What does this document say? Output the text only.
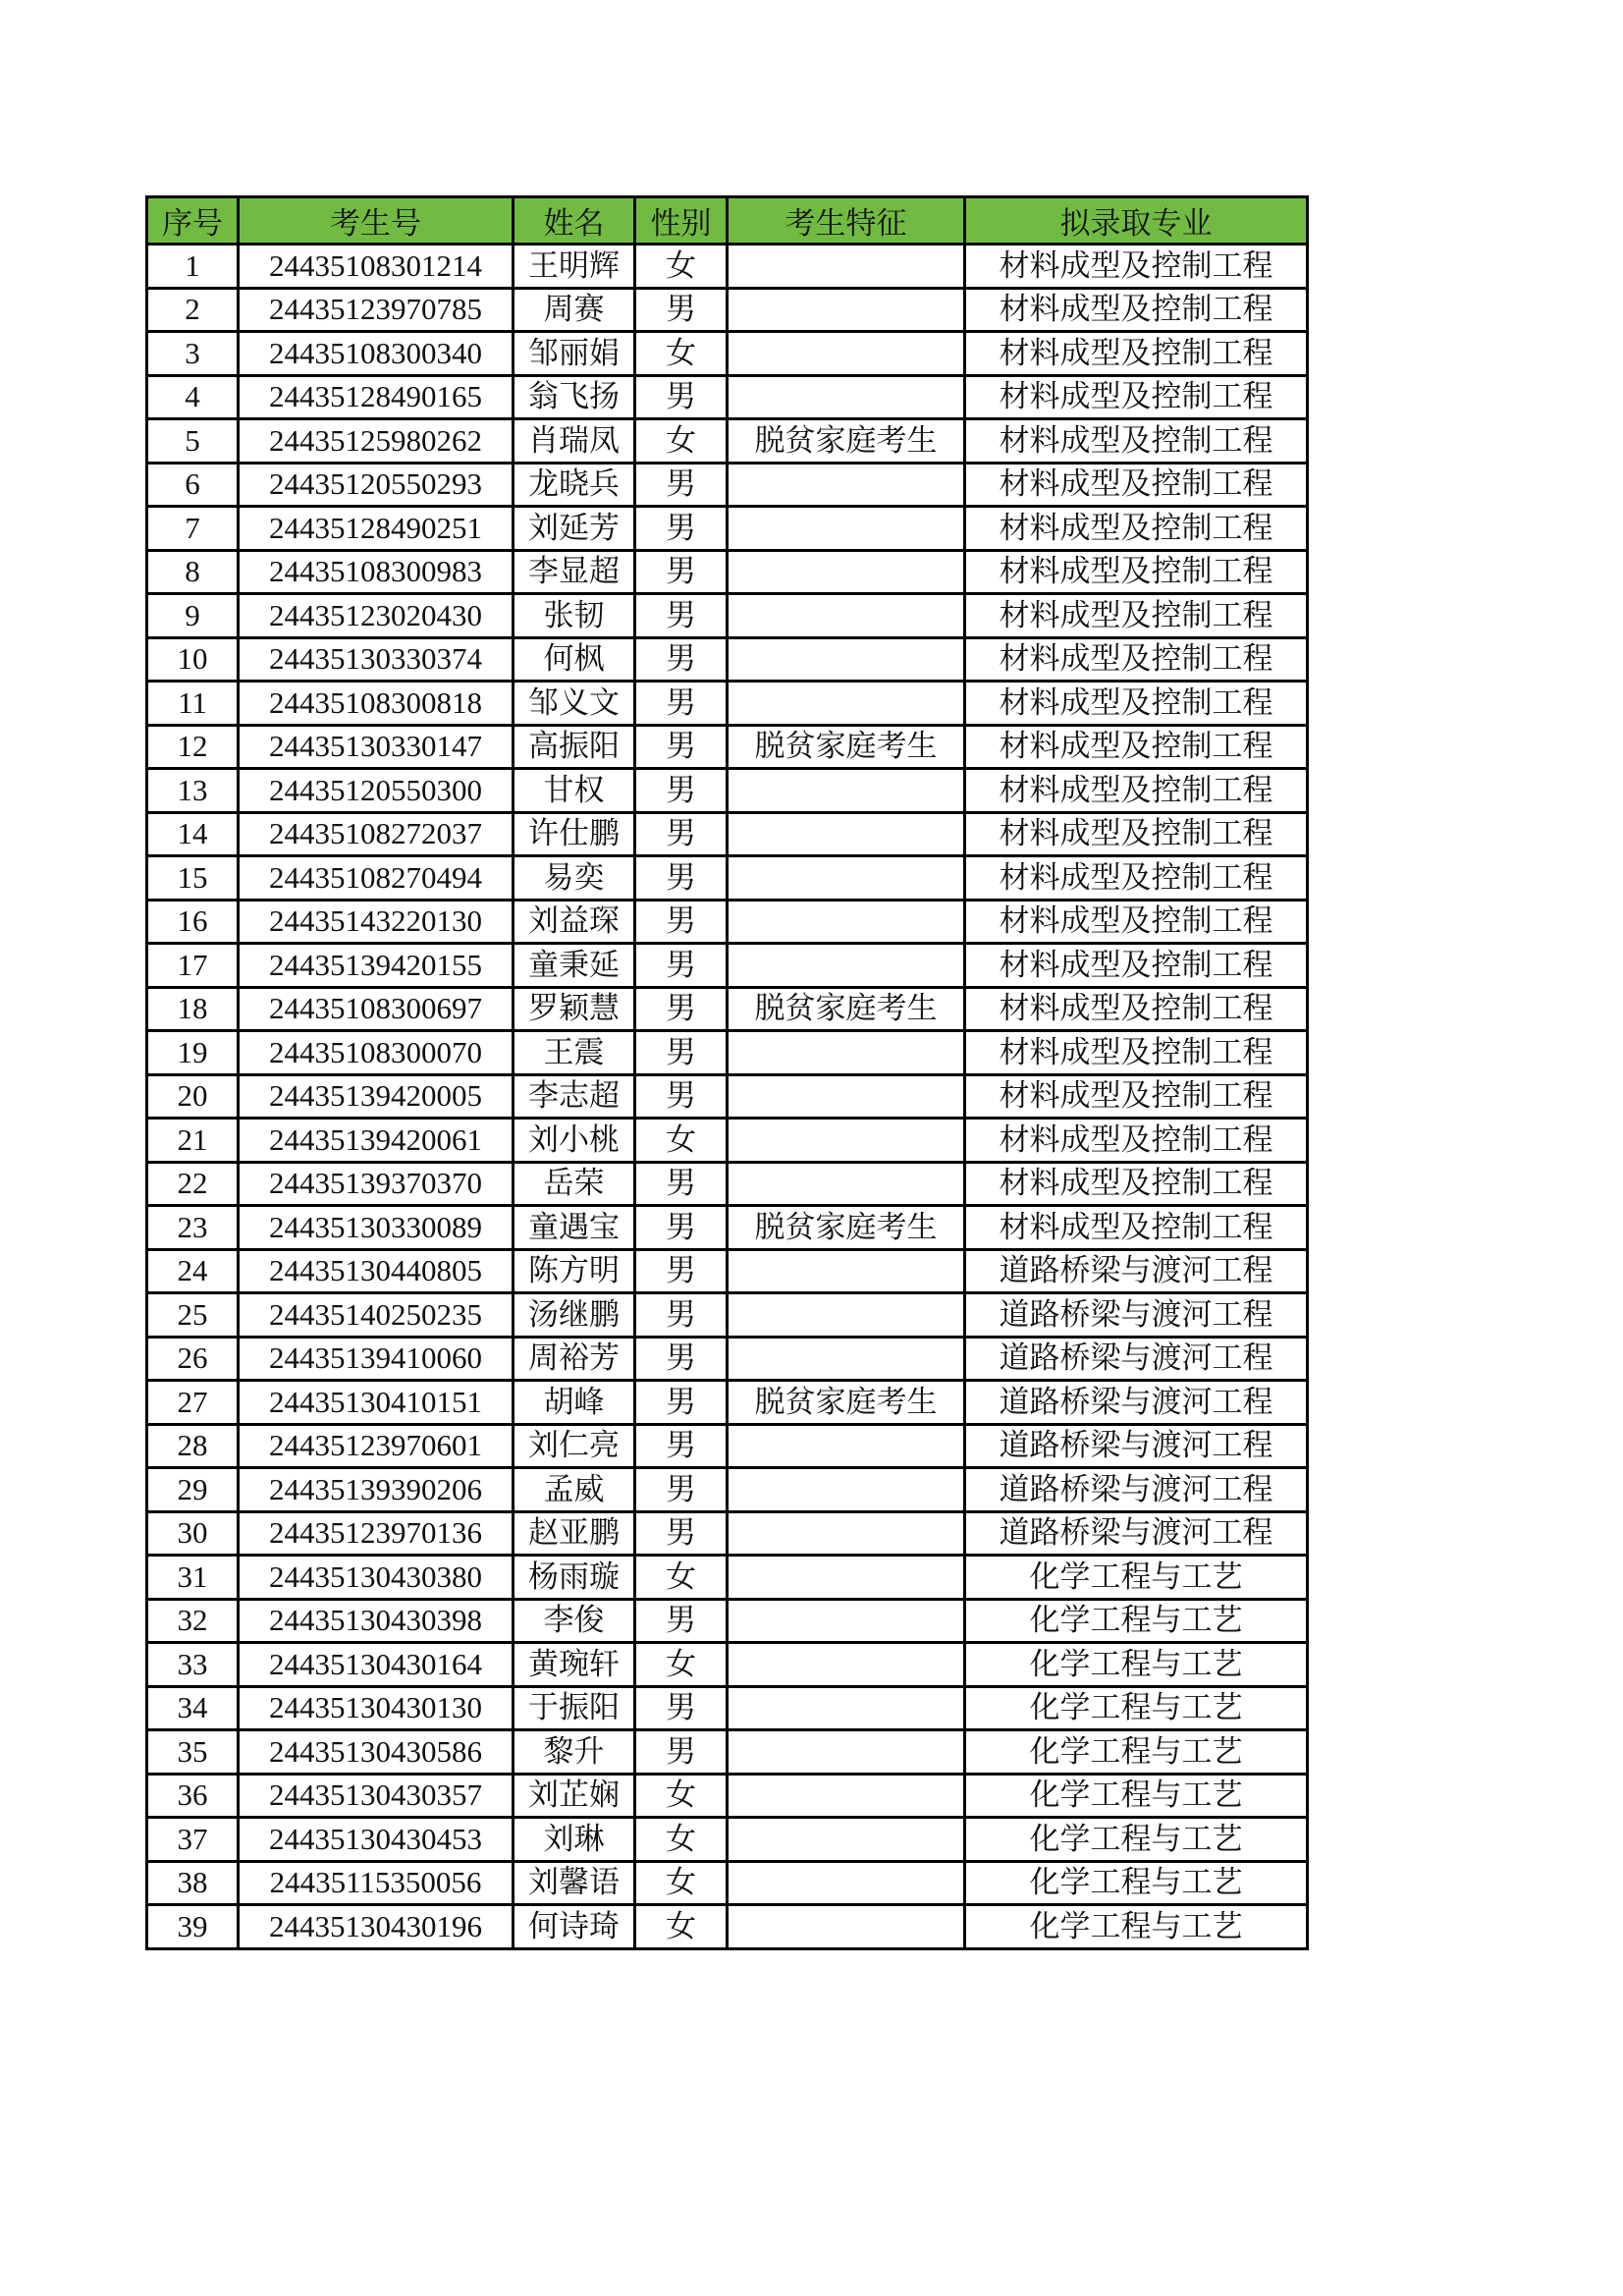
序号	考生号	姓名	性别	考生特征	拟录取专业
1	24435108301214	王明辉	女		材料成型及控制工程
2	24435123970785	周赛	男		材料成型及控制工程
3	24435108300340	邹丽娟	女		材料成型及控制工程
4	24435128490165	翁飞扬	男		材料成型及控制工程
5	24435125980262	肖瑞凤	女	脱贫家庭考生	材料成型及控制工程
6	24435120550293	龙晓兵	男		材料成型及控制工程
7	24435128490251	刘延芳	男		材料成型及控制工程
8	24435108300983	李显超	男		材料成型及控制工程
9	24435123020430	张韧	男		材料成型及控制工程
10	24435130330374	何枫	男		材料成型及控制工程
11	24435108300818	邹义文	男		材料成型及控制工程
12	24435130330147	高振阳	男	脱贫家庭考生	材料成型及控制工程
13	24435120550300	甘权	男		材料成型及控制工程
14	24435108272037	许仕鹏	男		材料成型及控制工程
15	24435108270494	易奕	男		材料成型及控制工程
16	24435143220130	刘益琛	男		材料成型及控制工程
17	24435139420155	童秉延	男		材料成型及控制工程
18	24435108300697	罗颖慧	男	脱贫家庭考生	材料成型及控制工程
19	24435108300070	王震	男		材料成型及控制工程
20	24435139420005	李志超	男		材料成型及控制工程
21	24435139420061	刘小桃	女		材料成型及控制工程
22	24435139370370	岳荣	男		材料成型及控制工程
23	24435130330089	童遇宝	男	脱贫家庭考生	材料成型及控制工程
24	24435130440805	陈方明	男		道路桥梁与渡河工程
25	24435140250235	汤继鹏	男		道路桥梁与渡河工程
26	24435139410060	周裕芳	男		道路桥梁与渡河工程
27	24435130410151	胡峰	男	脱贫家庭考生	道路桥梁与渡河工程
28	24435123970601	刘仁亮	男		道路桥梁与渡河工程
29	24435139390206	孟威	男		道路桥梁与渡河工程
30	24435123970136	赵亚鹏	男		道路桥梁与渡河工程
31	24435130430380	杨雨璇	女		化学工程与工艺
32	24435130430398	李俊	男		化学工程与工艺
33	24435130430164	黄琬轩	女		化学工程与工艺
34	24435130430130	于振阳	男		化学工程与工艺
35	24435130430586	黎升	男		化学工程与工艺
36	24435130430357	刘芷娴	女		化学工程与工艺
37	24435130430453	刘琳	女		化学工程与工艺
38	24435115350056	刘馨语	女		化学工程与工艺
39	24435130430196	何诗琦	女		化学工程与工艺
